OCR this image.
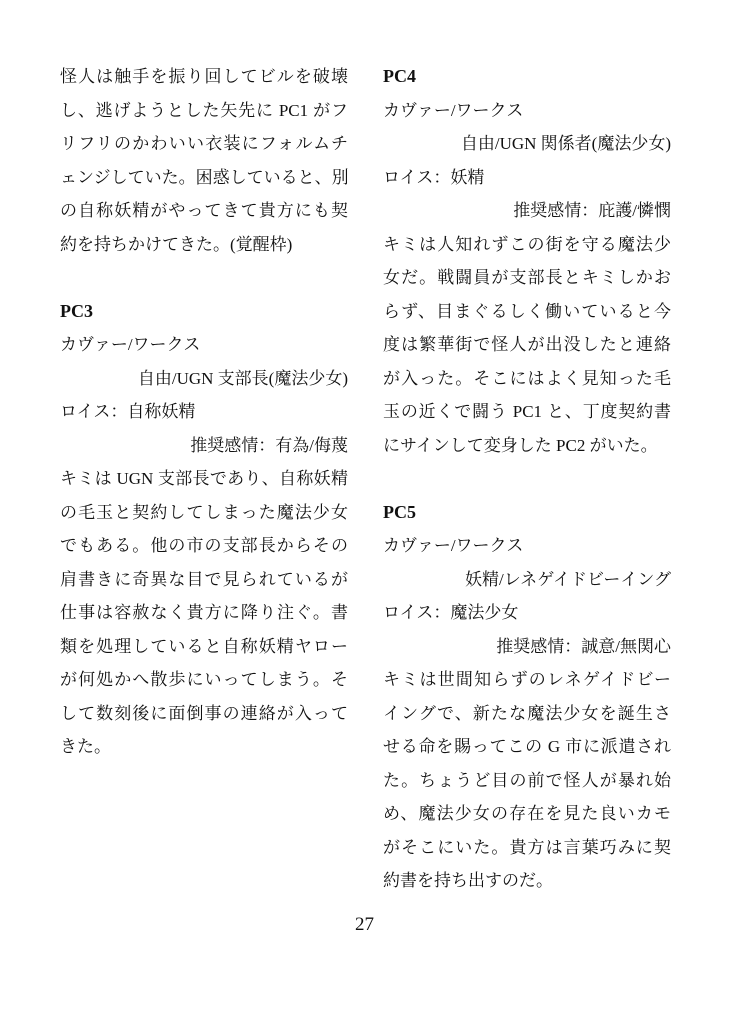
怪人は触手を振り回してビルを破壊
し、逃げようとした矢先に PC1 がフ
リフリのかわいい衣装にフォルムチ
ェンジしていた。困惑していると、別
の自称妖精がやってきて貴方にも契
約を持ちかけてきた。(覚醒枠)
PC3
カヴァー/ワークス
自由/UGN 支部長(魔法少女)
ロイス：自称妖精
推奨感情：有為/侮蔑
キミは UGN 支部長であり、自称妖精
の毛玉と契約してしまった魔法少女
でもある。他の市の支部長からその
肩書きに奇異な目で見られているが
仕事は容赦なく貴方に降り注ぐ。書
類を処理していると自称妖精ヤロー
が何処かへ散歩にいってしまう。そ
して数刻後に面倒事の連絡が入って
きた。
PC4
カヴァー/ワークス
自由/UGN 関係者(魔法少女)
ロイス：妖精
推奨感情：庇護/憐憫
キミは人知れずこの街を守る魔法少
女だ。戦闘員が支部長とキミしかお
らず、目まぐるしく働いていると今
度は繁華街で怪人が出没したと連絡
が入った。そこにはよく見知った毛
玉の近くで闘う PC1 と、丁度契約書
にサインして変身した PC2 がいた。
PC5
カヴァー/ワークス
妖精/レネゲイドビーイング
ロイス：魔法少女
推奨感情：誠意/無関心
キミは世間知らずのレネゲイドビー
イングで、新たな魔法少女を誕生さ
せる命を賜ってこの G 市に派遣され
た。ちょうど目の前で怪人が暴れ始
め、魔法少女の存在を見た良いカモ
がそこにいた。貴方は言葉巧みに契
約書を持ち出すのだ。
27
